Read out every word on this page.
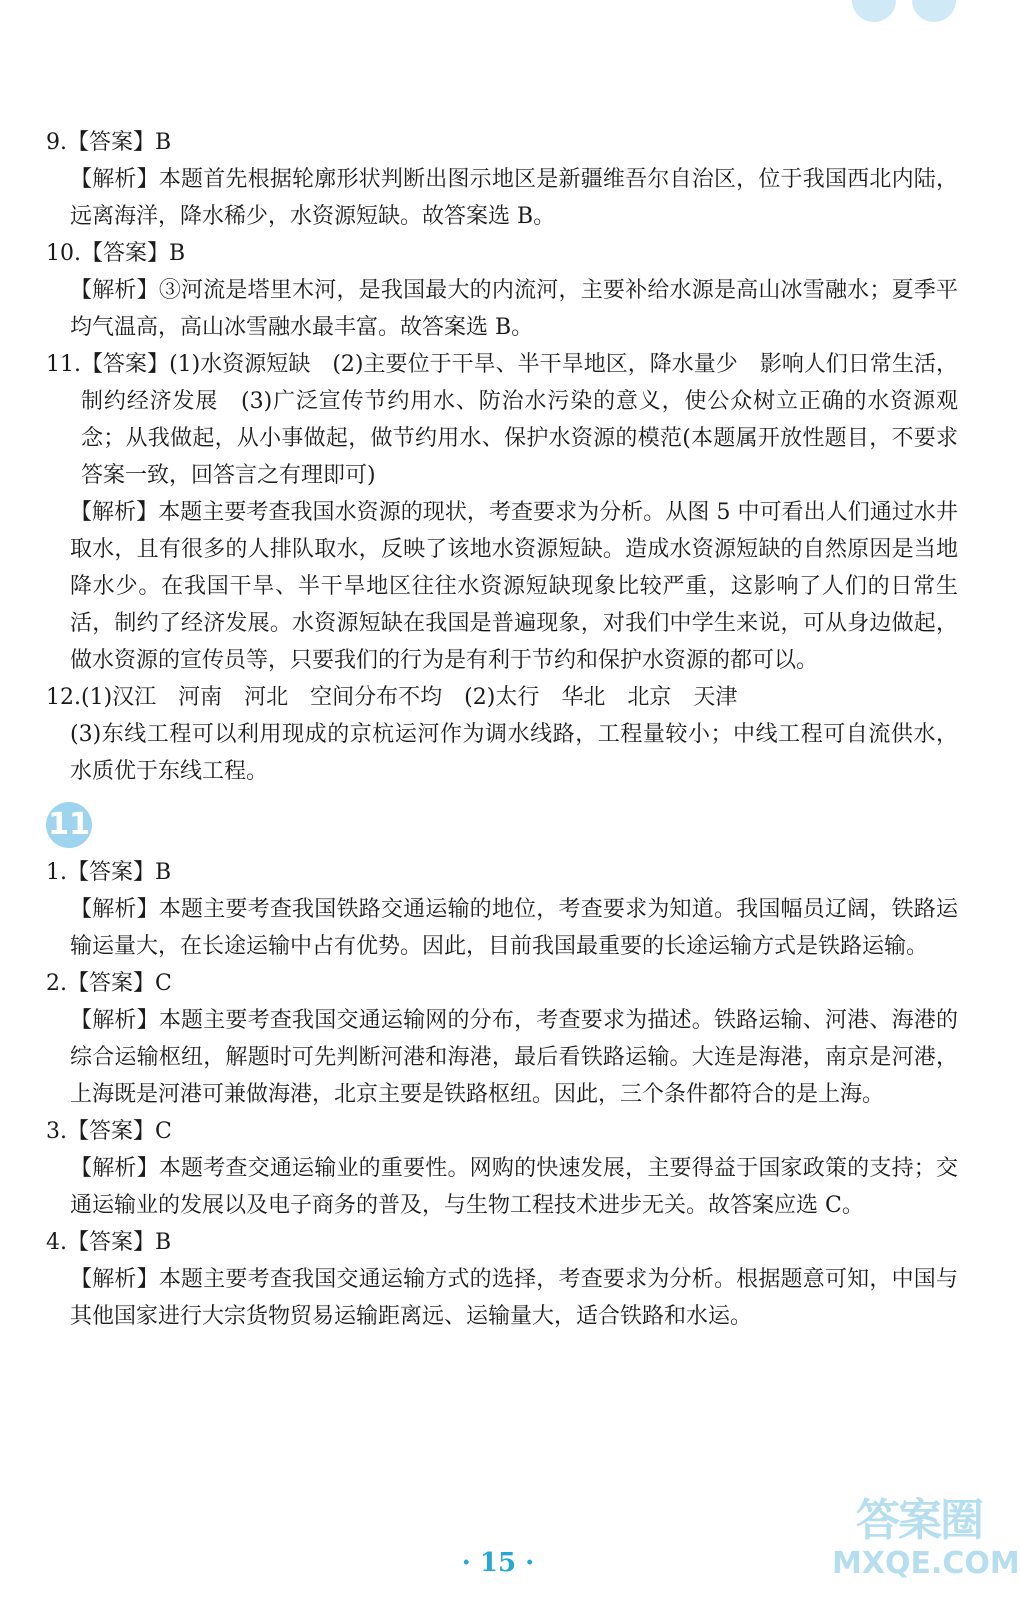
9.【答案】B

【解析】本题首先根据轮廓形状判断出图示地区是新疆维吾尔自治区，位于我国西北内陆，远离海洋，降水稀少，水资源短缺。故答案选 B。

10.【答案】B

【解析】③河流是塔里木河，是我国最大的内流河，主要补给水源是高山冰雪融水；夏季平均气温高，高山冰雪融水最丰富。故答案选 B。

11. 【答案】(1)水资源短缺　(2)主要位于干旱、半干旱地区，降水量少　影响人们日常生活，制约经济发展　(3)广泛宣传节约用水、防治水污染的意义，使公众树立正确的水资源观念；从我做起，从小事做起，做节约用水、保护水资源的模范(本题属开放性题目，不要求答案一致，回答言之有理即可)

【解析】本题主要考查我国水资源的现状，考查要求为分析。从图 5 中可看出人们通过水井取水，且有很多的人排队取水，反映了该地水资源短缺。造成水资源短缺的自然原因是当地降水少。在我国干旱、半干旱地区往往水资源短缺现象比较严重，这影响了人们的日常生活，制约了经济发展。水资源短缺在我国是普遍现象，对我们中学生来说，可从身边做起，做水资源的宣传员等，只要我们的行为是有利于节约和保护水资源的都可以。

12.(1)汉江　河南　河北　空间分布不均　(2)太行　华北　北京　天津

(3)东线工程可以利用现成的京杭运河作为调水线路，工程量较小；中线工程可自流供水，水质优于东线工程。

11
1.【答案】B

【解析】本题主要考查我国铁路交通运输的地位，考查要求为知道。我国幅员辽阔，铁路运输运量大，在长途运输中占有优势。因此，目前我国最重要的长途运输方式是铁路运输。

2.【答案】C

【解析】本题主要考查我国交通运输网的分布，考查要求为描述。铁路运输、河港、海港的综合运输枢纽，解题时可先判断河港和海港，最后看铁路运输。大连是海港，南京是河港，上海既是河港可兼做海港，北京主要是铁路枢纽。因此，三个条件都符合的是上海。

3.【答案】C

【解析】本题考查交通运输业的重要性。网购的快速发展，主要得益于国家政策的支持；交通运输业的发展以及电子商务的普及，与生物工程技术进步无关。故答案应选 C。

4.【答案】B

【解析】本题主要考查我国交通运输方式的选择，考查要求为分析。根据题意可知，中国与其他国家进行大宗货物贸易运输距离远、运输量大，适合铁路和水运。

· 15 ·
答案圈
MXQE.COM
